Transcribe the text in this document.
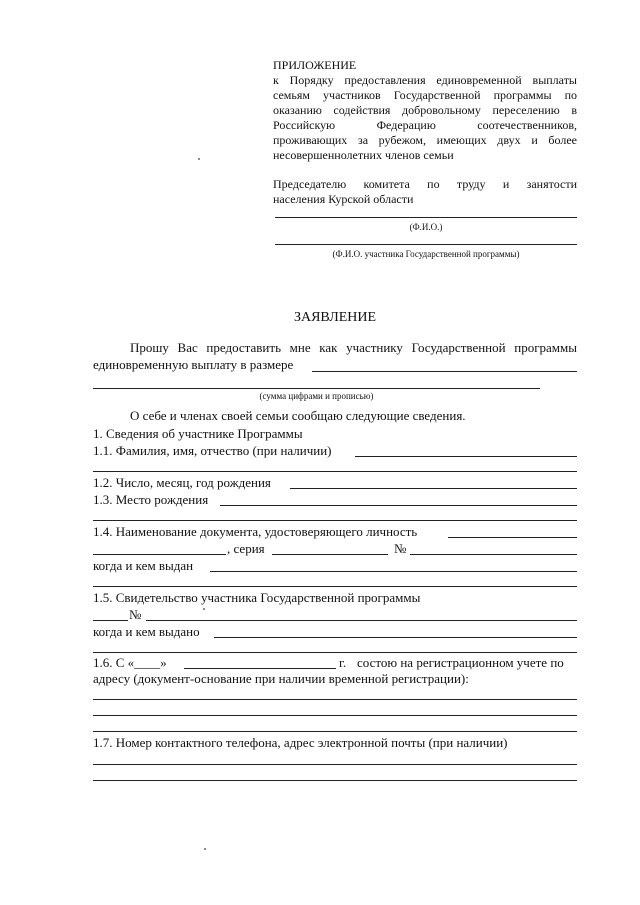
ПРИЛОЖЕНИЕ
к Порядку предоставления единовременной выплаты
семьям участников Государственной программы по
оказанию содействия добровольному переселению в
Российскую Федерацию соотечественников,
проживающих за рубежом, имеющих двух и более
несовершеннолетних членов семьи
Председателю комитета по труду и занятости
населения Курской области
(Ф.И.О.)
(Ф.И.О. участника Государственной программы)
ЗАЯВЛЕНИЕ
Прошу Вас предоставить мне как участнику Государственной программы
единовременную выплату в размере
(сумма цифрами и прописью)
О себе и членах своей семьи сообщаю следующие сведения.
1. Сведения об участнике Программы
1.1. Фамилия, имя, отчество (при наличии)
1.2. Число, месяц, год рождения
1.3. Место рождения
1.4. Наименование документа, удостоверяющего личность
, серия	№
когда и кем выдан
1.5. Свидетельство участника Государственной программы
№
когда и кем выдано
1.6. С «____»	г. состою на регистрационном учете по
адресу (документ-основание при наличии временной регистрации):
1.7. Номер контактного телефона, адрес электронной почты (при наличии)
